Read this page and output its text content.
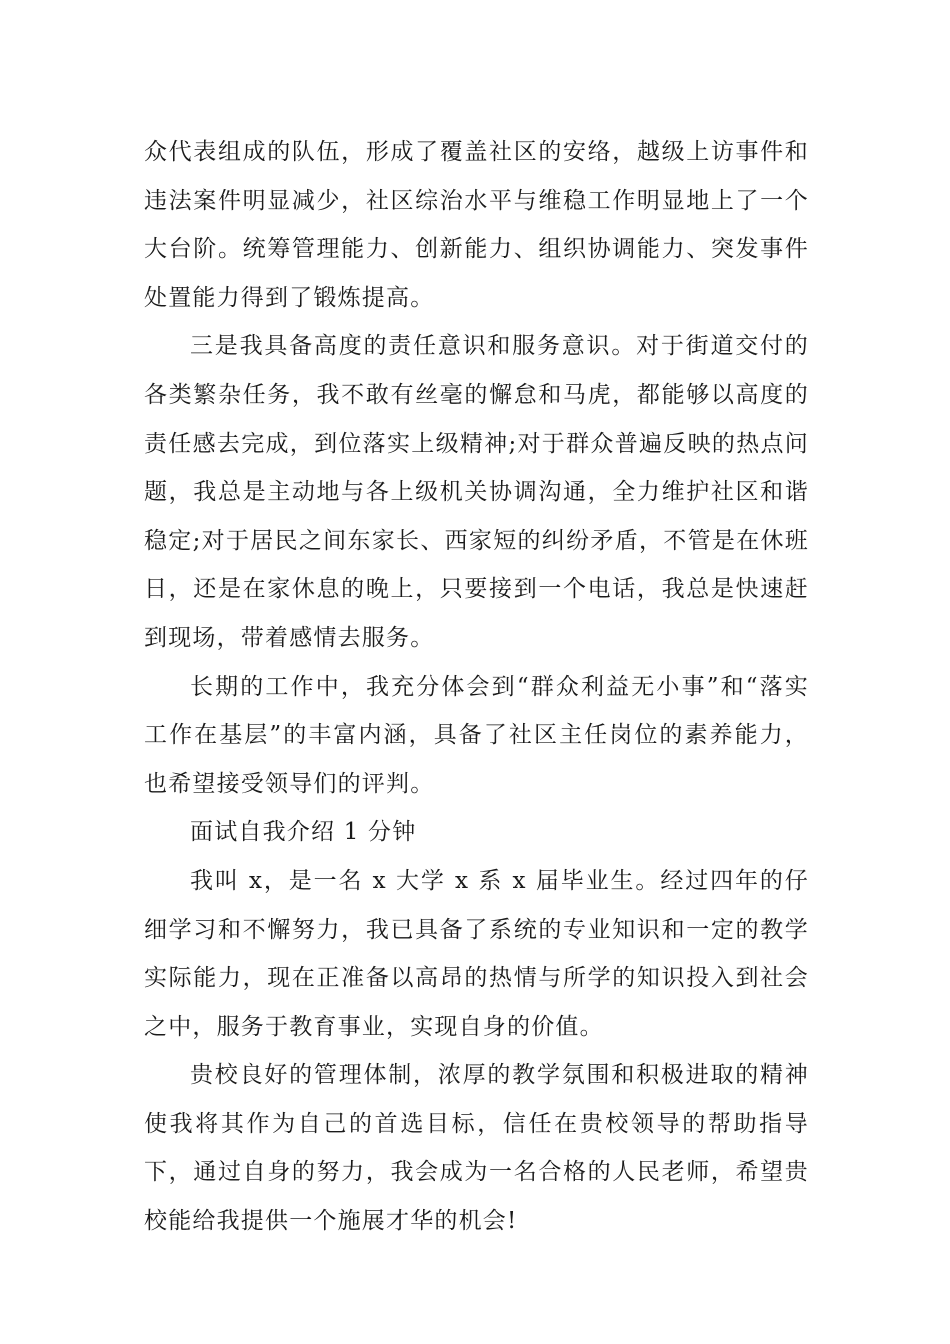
众代表组成的队伍，形成了覆盖社区的安络，越级上访事件和违法案件明显减少，社区综治水平与维稳工作明显地上了一个大台阶。统筹管理能力、创新能力、组织协调能力、突发事件处置能力得到了锻炼提高。

三是我具备高度的责任意识和服务意识。对于街道交付的各类繁杂任务，我不敢有丝毫的懈怠和马虎，都能够以高度的责任感去完成，到位落实上级精神;对于群众普遍反映的热点问题，我总是主动地与各上级机关协调沟通，全力维护社区和谐稳定;对于居民之间东家长、西家短的纠纷矛盾，不管是在休班日，还是在家休息的晚上，只要接到一个电话，我总是快速赶到现场，带着感情去服务。

长期的工作中，我充分体会到“群众利益无小事”和“落实工作在基层”的丰富内涵，具备了社区主任岗位的素养能力，也希望接受领导们的评判。

面试自我介绍 1 分钟

我叫 x，是一名 x 大学 x 系 x 届毕业生。经过四年的仔细学习和不懈努力，我已具备了系统的专业知识和一定的教学实际能力，现在正准备以高昂的热情与所学的知识投入到社会之中，服务于教育事业，实现自身的价值。

贵校良好的管理体制，浓厚的教学氛围和积极进取的精神使我将其作为自己的首选目标，信任在贵校领导的帮助指导下，通过自身的努力，我会成为一名合格的人民老师，希望贵校能给我提供一个施展才华的机会!
